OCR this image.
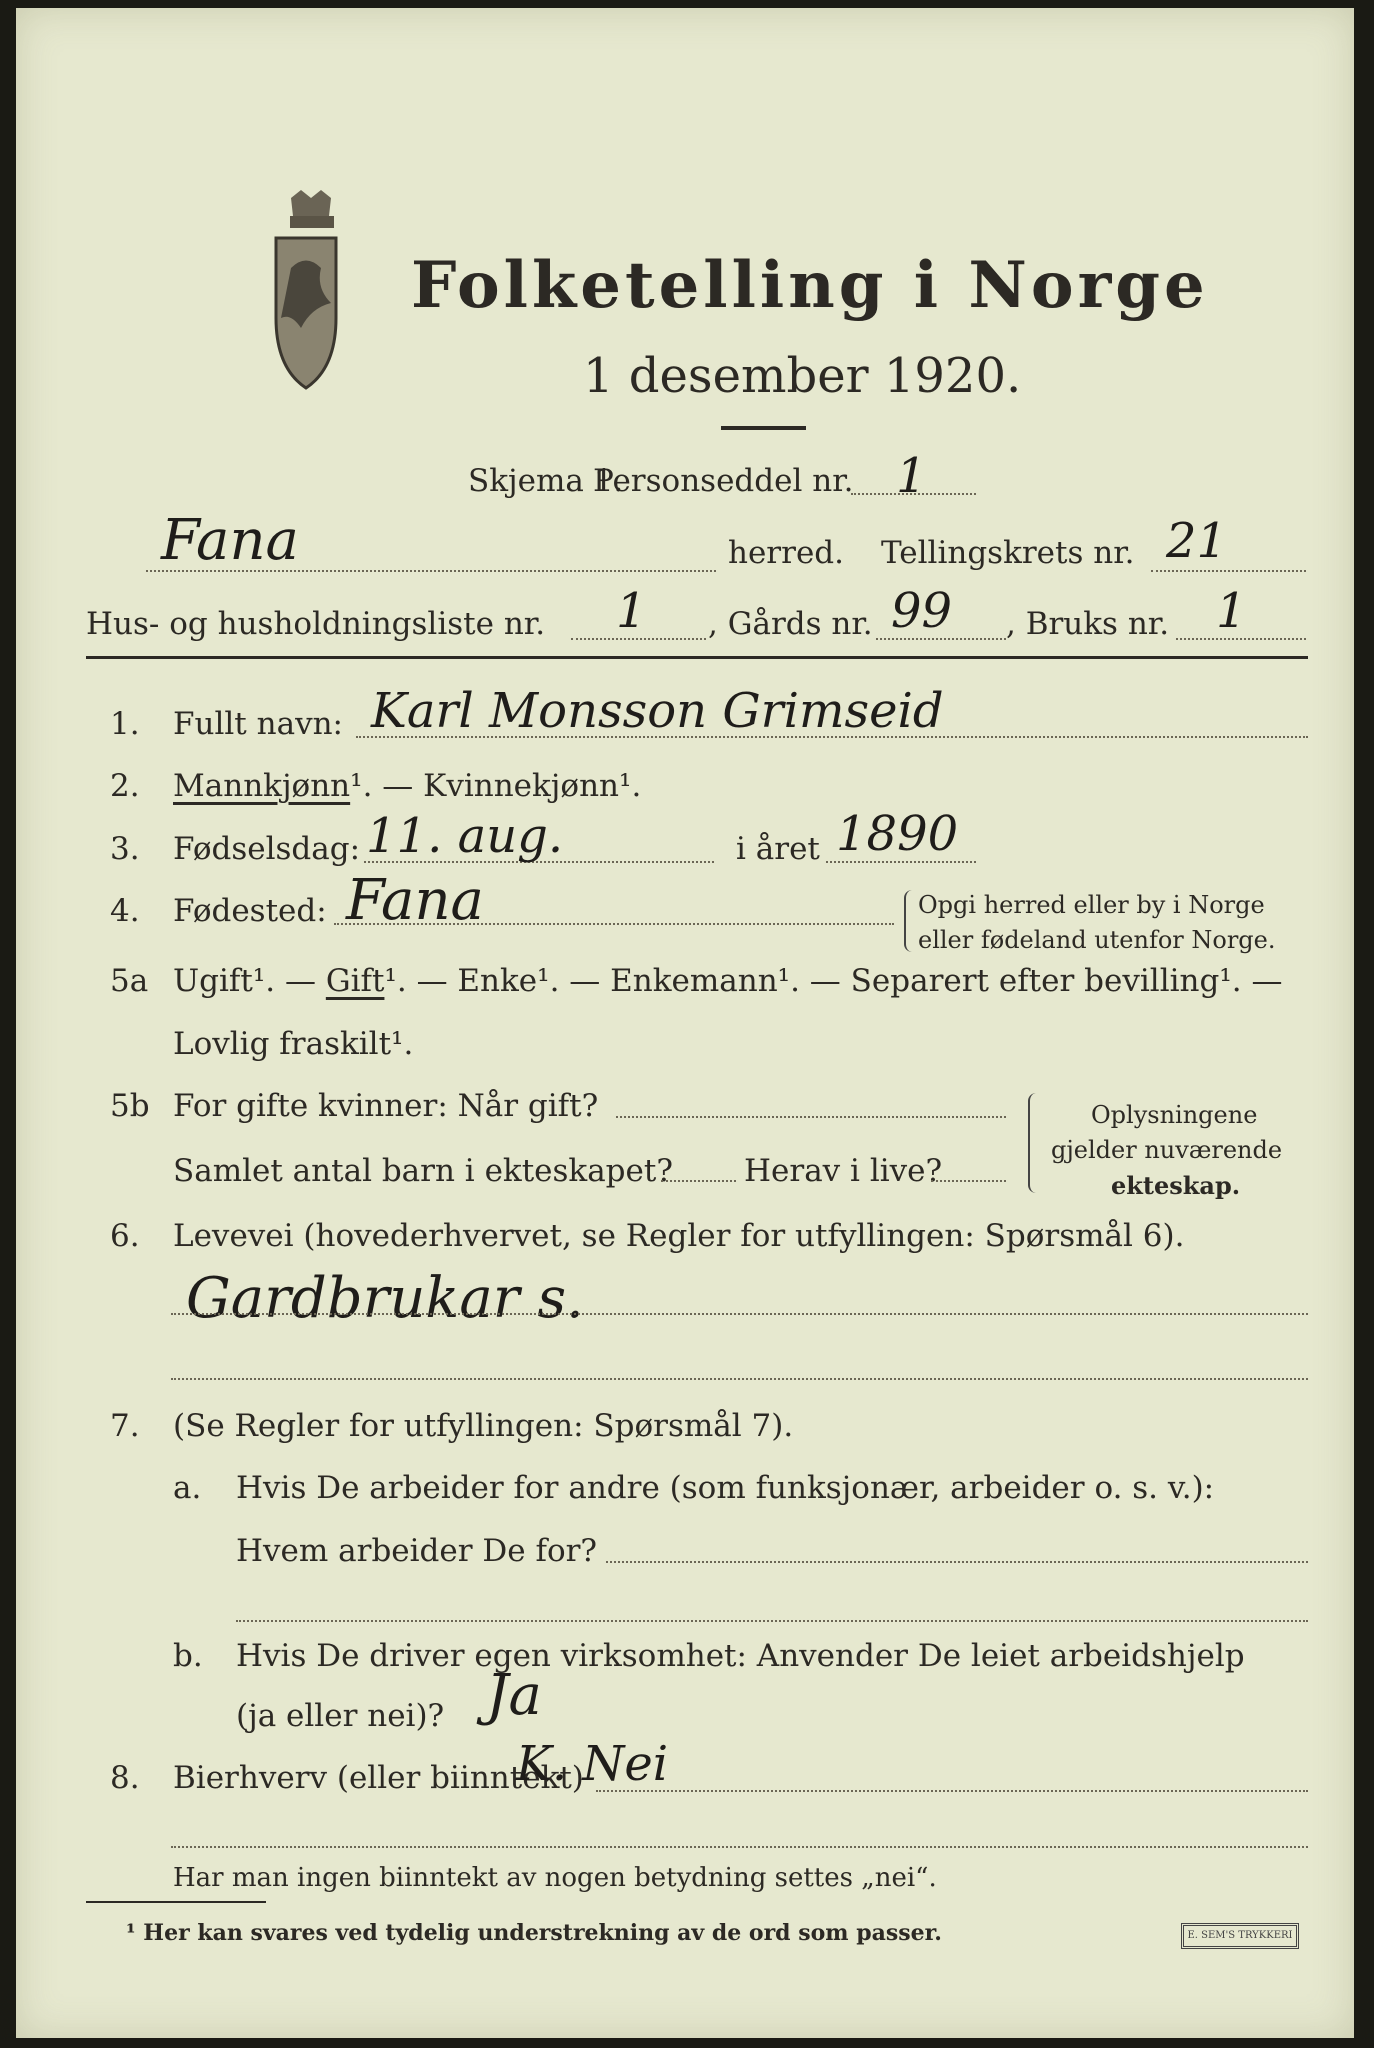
Folketelling i Norge
1 desember 1920.
Skjema 1.
Personseddel nr. 1
Fana	herred. Tellingskrets nr. 21
Hus- og husholdningsliste nr. 1 , Gårds nr. 99 , Bruks nr. 1
1. Fullt navn: Karl Monsson Grimseid
2. Mannkjønn¹. — Kvinnekjønn¹.
3. Fødselsdag: 11. aug.	i året 1890
4. Fødested: Fana	Opgi herred eller by i Norge
eller fødeland utenfor Norge.
5a Ugift¹. — Gift¹. — Enke¹. — Enkemann¹. — Separert efter bevilling¹. —
Lovlig fraskilt¹.
5b For gifte kvinner: Når gift?
Samlet antal barn i ekteskapet? Herav i live?
Oplysningene
gjelder nuværende
ekteskap.
6. Levevei (hovederhvervet, se Regler for utfyllingen: Spørsmål 6).
Gardbrukar s.
7. (Se Regler for utfyllingen: Spørsmål 7).
a. Hvis De arbeider for andre (som funksjonær, arbeider o. s. v.):
Hvem arbeider De for?
b. Hvis De driver egen virksomhet: Anvender De leiet arbeidshjelp
(ja eller nei)? Ja
8. Bierhverv (eller biinntekt)
K. Nei
Har man ingen biinntekt av nogen betydning settes „nei“.
¹ Her kan svares ved tydelig understrekning av de ord som passer.	E. SEM'S TRYKKERI
